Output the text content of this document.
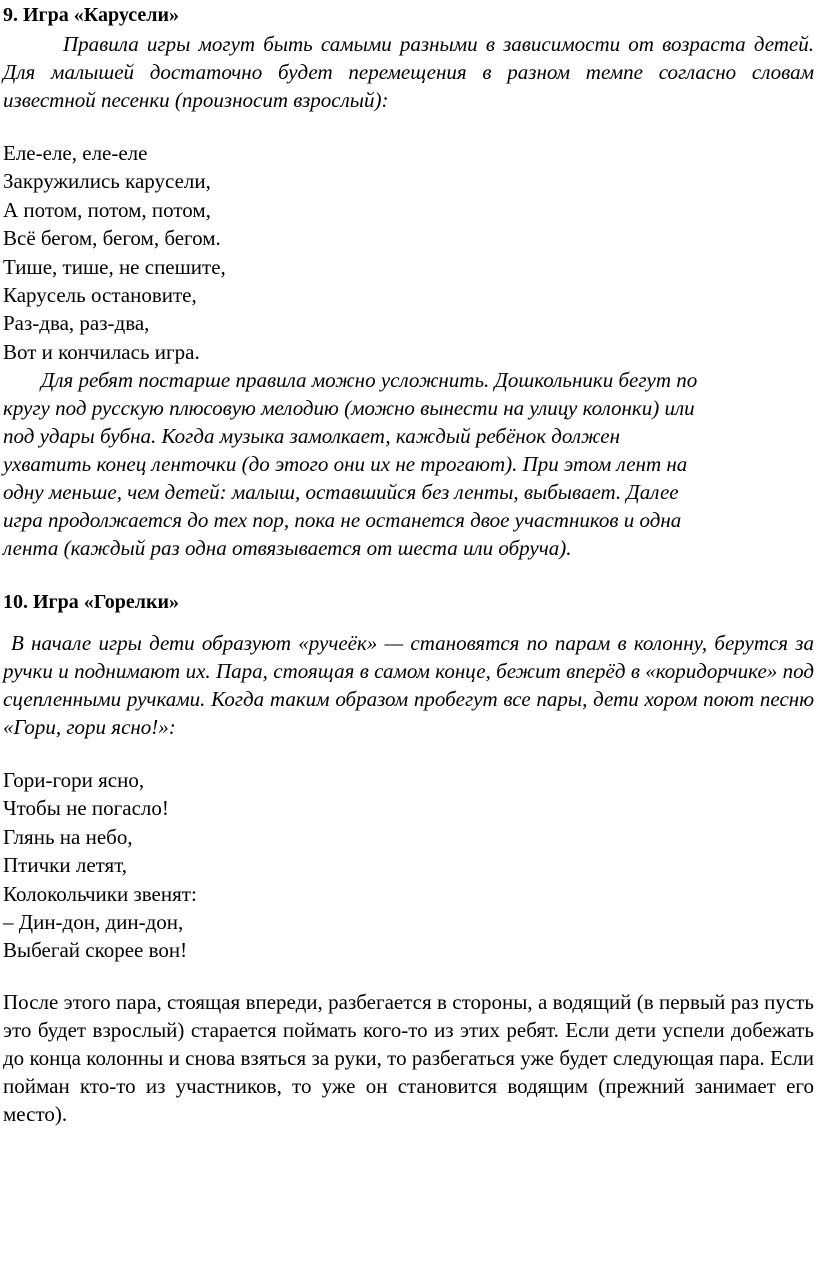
9. Игра «Карусели»

Правила игры могут быть самыми разными в зависимости от возраста детей. Для малышей достаточно будет перемещения в разном темпе согласно словам известной песенки (произносит взрослый):

Еле-еле, еле-еле
Закружились карусели,
А потом, потом, потом,
Всё бегом, бегом, бегом.
Тише, тише, не спешите,
Карусель остановите,
Раз-два, раз-два,
Вот и кончилась игра.
Для ребят постарше правила можно усложнить. Дошкольники бегут по
кругу под русскую плюсовую мелодию (можно вынести на улицу колонки) или
под удары бубна. Когда музыка замолкает, каждый ребёнок должен
ухватить конец ленточки (до этого они их не трогают). При этом лент на
одну меньше, чем детей: малыш, оставшийся без ленты, выбывает. Далее
игра продолжается до тех пор, пока не останется двое участников и одна
лента (каждый раз одна отвязывается от шеста или обруча).
10. Игра «Горелки»

В начале игры дети образуют «ручеёк» — становятся по парам в колонну, берутся за ручки и поднимают их. Пара, стоящая в самом конце, бежит вперёд в «коридорчике» под сцепленными ручками. Когда таким образом пробегут все пары, дети хором поют песню «Гори, гори ясно!»:

Гори-гори ясно,
Чтобы не погасло!
Глянь на небо,
Птички летят,
Колокольчики звенят:
– Дин-дон, дин-дон,
Выбегай скорее вон!

После этого пара, стоящая впереди, разбегается в стороны, а водящий (в первый раз пусть это будет взрослый) старается поймать кого-то из этих ребят. Если дети успели добежать до конца колонны и снова взяться за руки, то разбегаться уже будет следующая пара. Если пойман кто-то из участников, то уже он становится водящим (прежний занимает его место).
